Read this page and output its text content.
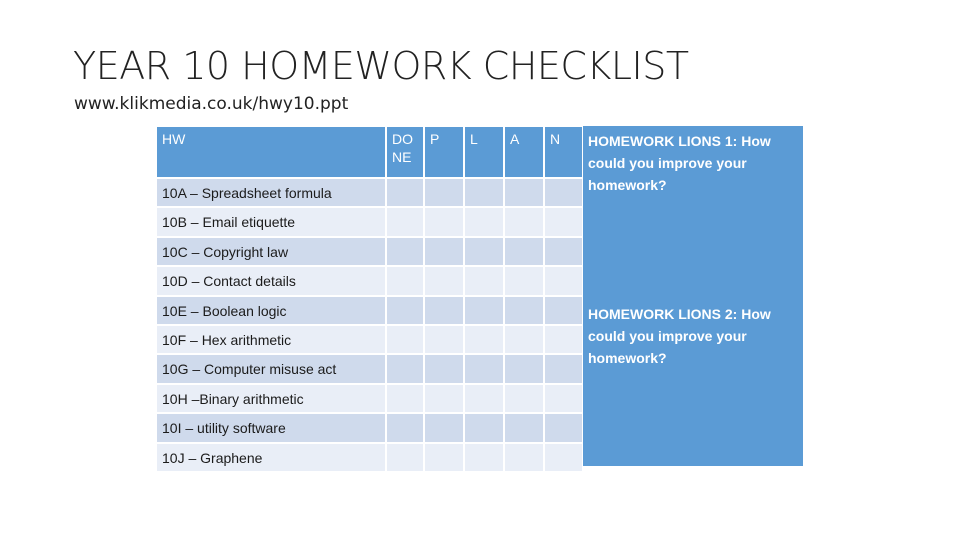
YEAR 10 HOMEWORK CHECKLIST
www.klikmedia.co.uk/hwy10.ppt
HW	DO NE	P	L	A	N
10A – Spreadsheet formula					
10B – Email etiquette					
10C – Copyright law					
10D – Contact details					
10E – Boolean logic					
10F – Hex arithmetic					
10G – Computer misuse act					
10H –Binary arithmetic					
10I – utility software					
10J – Graphene					
HOMEWORK LIONS 1: How could you improve your homework?
HOMEWORK LIONS 2: How could you improve your homework?
